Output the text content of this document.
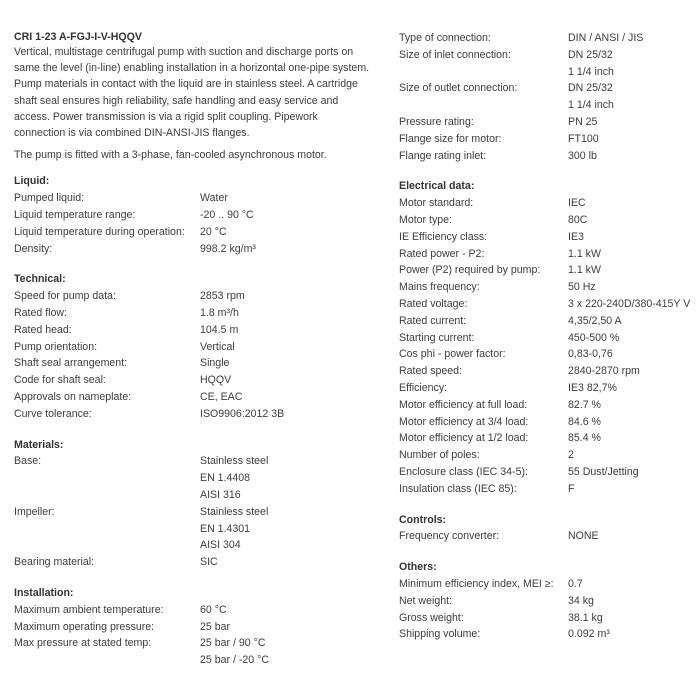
CRI 1-23 A-FGJ-I-V-HQQV

Vertical, multistage centrifugal pump with suction and discharge ports on

same the level (in-line) enabling installation in a horizontal one-pipe system.

Pump materials in contact with the liquid are in stainless steel. A cartridge

shaft seal ensures high reliability, safe handling and easy service and

access. Power transmission is via a rigid split coupling. Pipework

connection is via combined DIN-ANSI-JIS flanges.

The pump is fitted with a 3-phase, fan-cooled asynchronous motor.

Liquid:
Pumped liquid:	Water
Liquid temperature range:	-20 .. 90 °C
Liquid temperature during operation:	20 °C
Density:	998.2 kg/m³
Technical:
Speed for pump data:	2853 rpm
Rated flow:	1.8 m³/h
Rated head:	104.5 m
Pump orientation:	Vertical
Shaft seal arrangement:	Single
Code for shaft seal:	HQQV
Approvals on nameplate:	CE, EAC
Curve tolerance:	ISO9906:2012 3B
Materials:
Base:	Stainless steel
EN 1.4408
AISI 316
Impeller:	Stainless steel
EN 1.4301
AISI 304
Bearing material:	SIC
Installation:
Maximum ambient temperature:	60 °C
Maximum operating pressure:	25 bar
Max pressure at stated temp:	25 bar / 90 °C
25 bar / -20 °C
Type of connection:	DIN / ANSI / JIS
Size of inlet connection:	DN 25/32
1 1/4 inch
Size of outlet connection:	DN 25/32
1 1/4 inch
Pressure rating:	PN 25
Flange size for motor:	FT100
Flange rating inlet:	300 lb
Electrical data:
Motor standard:	IEC
Motor type:	80C
IE Efficiency class:	IE3
Rated power - P2:	1.1 kW
Power (P2) required by pump:	1.1 kW
Mains frequency:	50 Hz
Rated voltage:	3 x 220-240D/380-415Y V
Rated current:	4,35/2,50 A
Starting current:	450-500 %
Cos phi - power factor:	0,83-0,76
Rated speed:	2840-2870 rpm
Efficiency:	IE3 82,7%
Motor efficiency at full load:	82.7 %
Motor efficiency at 3/4 load:	84.6 %
Motor efficiency at 1/2 load:	85.4 %
Number of poles:	2
Enclosure class (IEC 34-5):	55 Dust/Jetting
Insulation class (IEC 85):	F
Controls:
Frequency converter:	NONE
Others:
Minimum efficiency index, MEI ≥:	0.7
Net weight:	34 kg
Gross weight:	38.1 kg
Shipping volume:	0.092 m³
